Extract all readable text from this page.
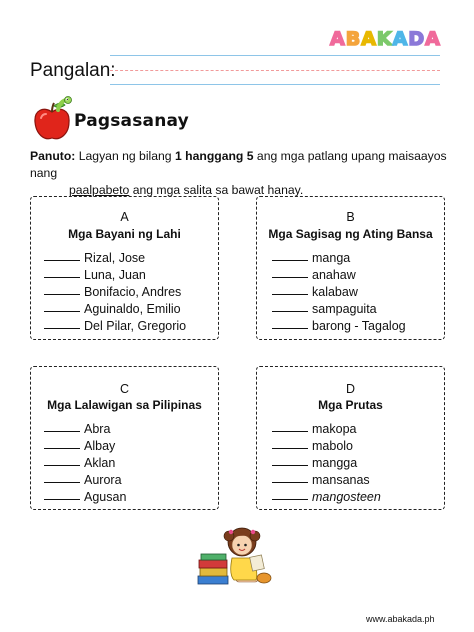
A B A K A D A
Pangalan:
Pagsasanay
Panuto: Lagyan ng bilang 1 hanggang 5 ang mga patlang upang maisaayos nang
paalpabeto ang mga salita sa bawat hanay.
A
Mga Bayani ng Lahi
Rizal, Jose
Luna, Juan
Bonifacio, Andres
Aguinaldo, Emilio
Del Pilar, Gregorio
B
Mga Sagisag ng Ating Bansa
manga
anahaw
kalabaw
sampaguita
barong - Tagalog
C
Mga Lalawigan sa Pilipinas
Abra
Albay
Aklan
Aurora
Agusan
D
Mga Prutas
makopa
mabolo
mangga
mansanas
mangosteen
www.abakada.ph
